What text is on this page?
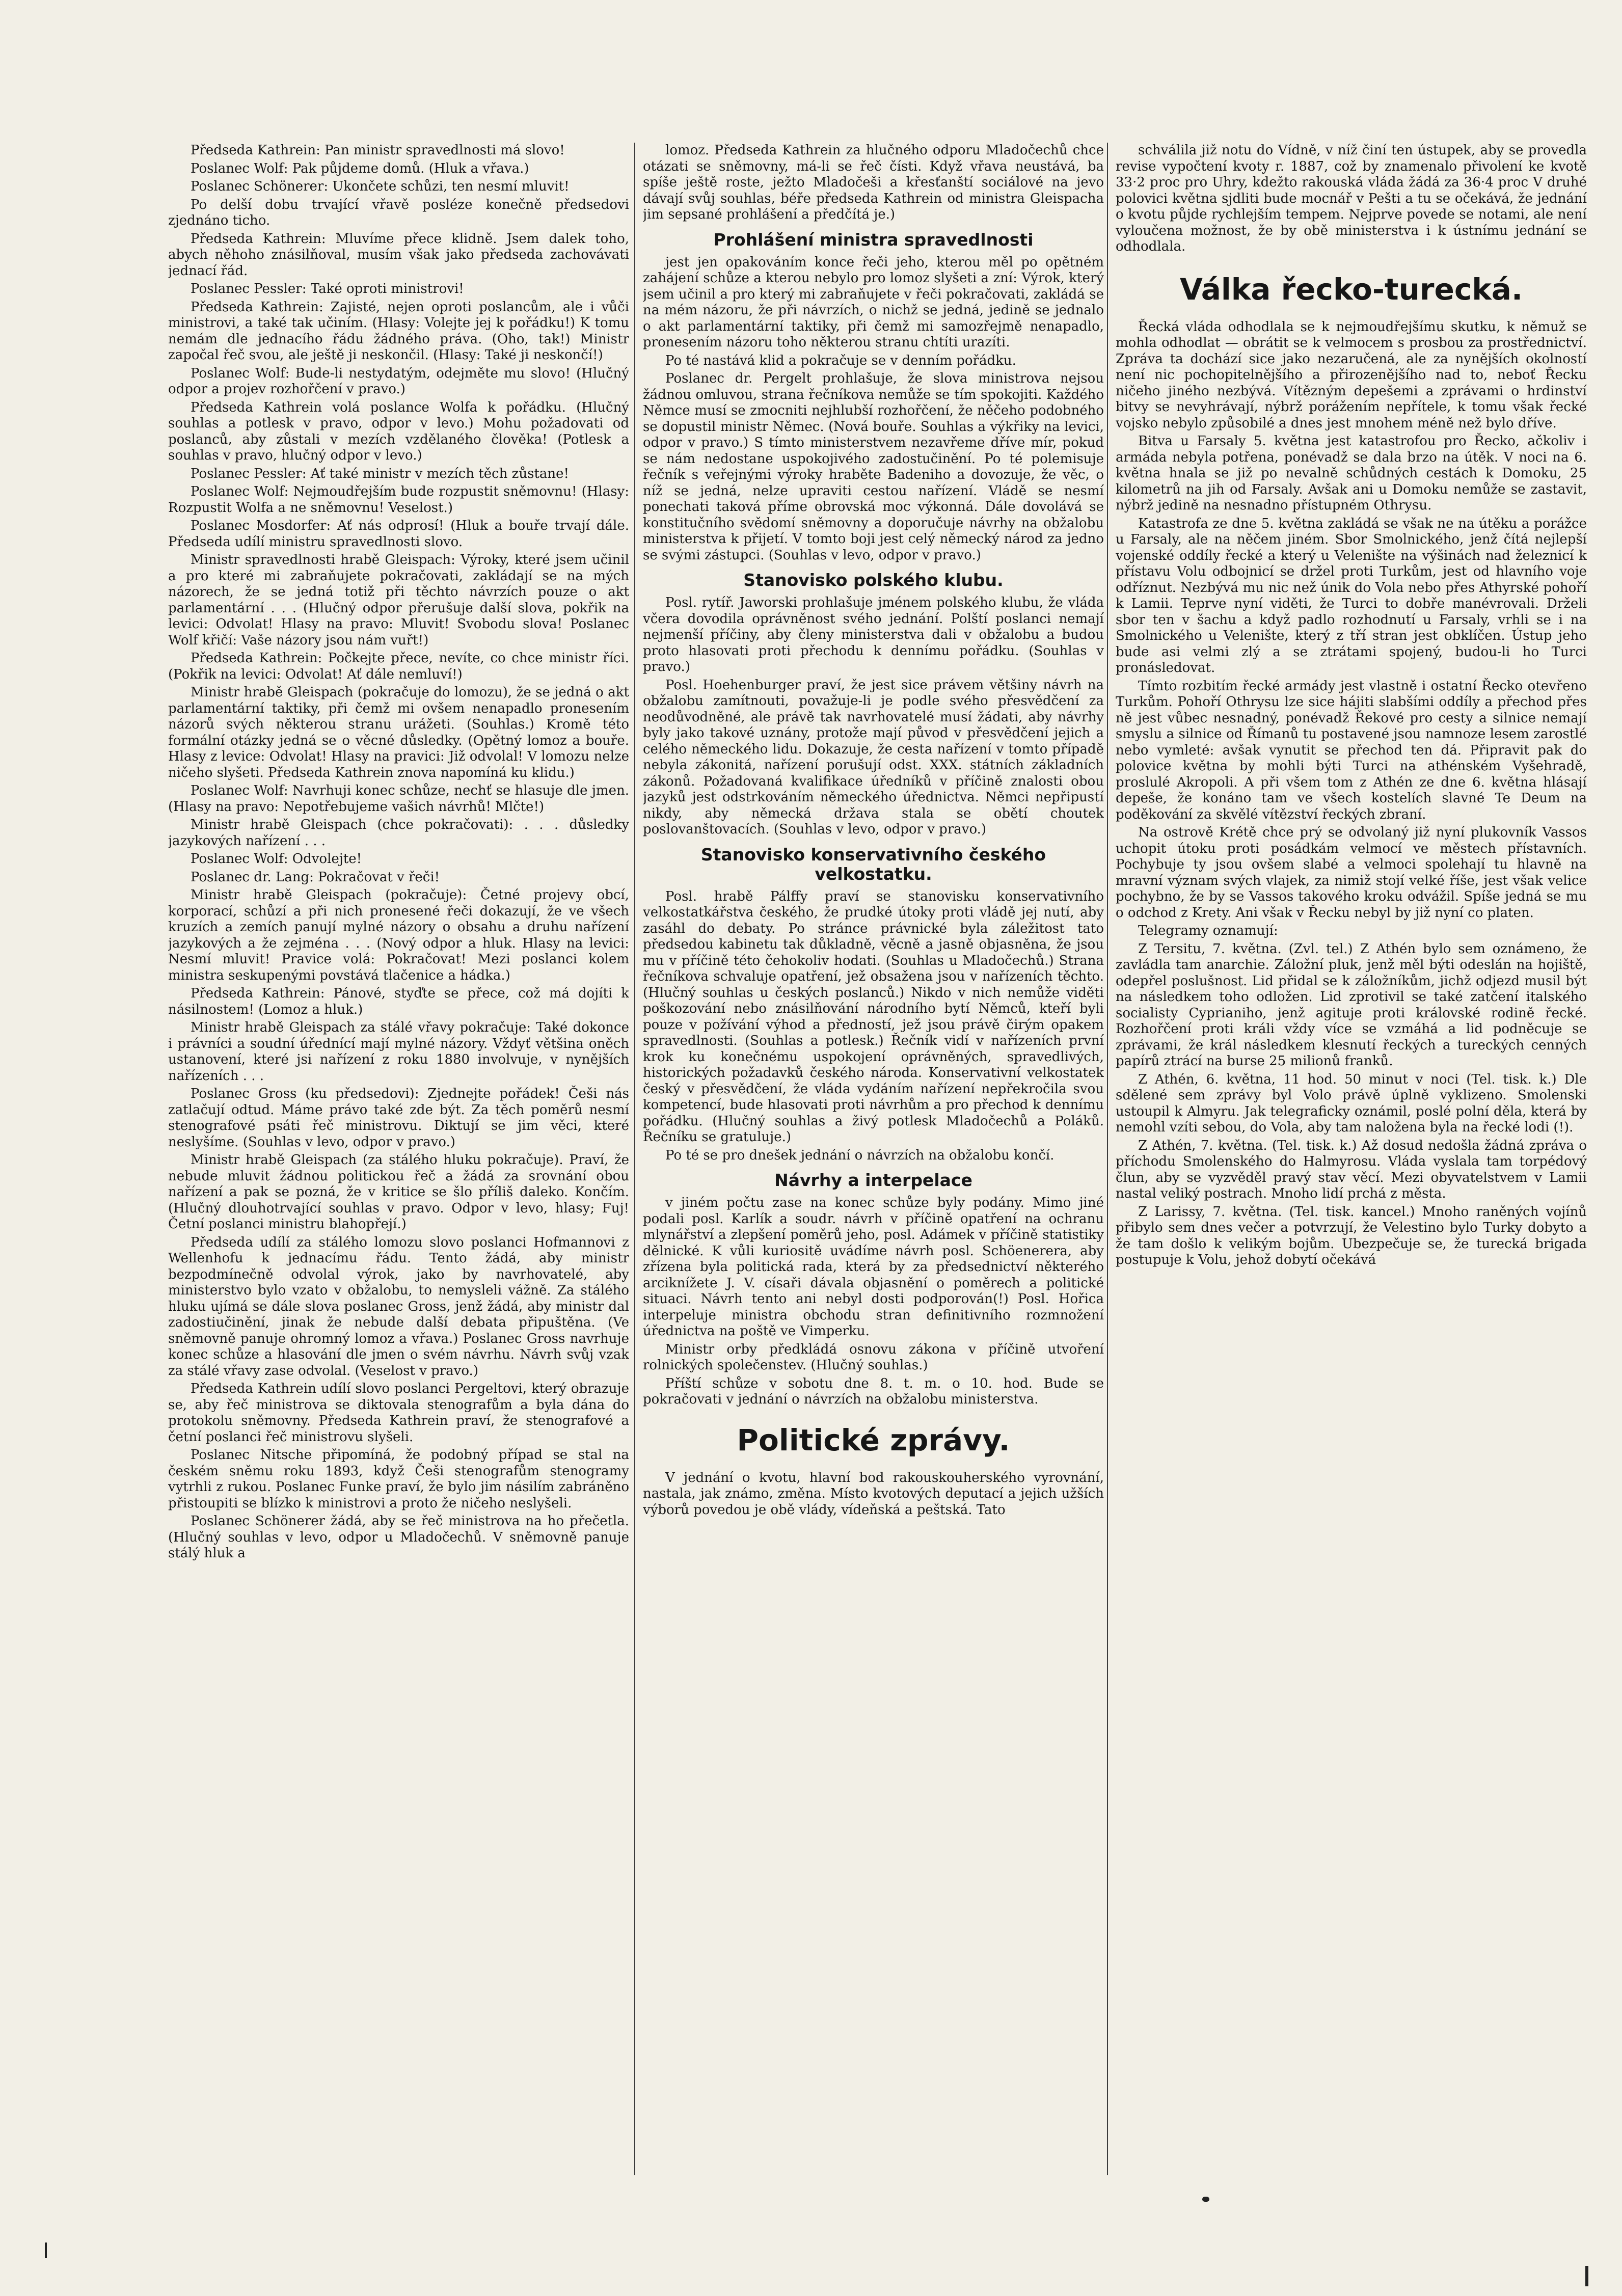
Předseda Kathrein: Pan ministr spravedlnosti má slovo!

Poslanec Wolf: Pak půjdeme domů. (Hluk a vřava.)

Poslanec Schönerer: Ukončete schůzi, ten nesmí mluvit!

Po delší dobu trvající vřavě posléze konečně předsedovi zjednáno ticho.

Předseda Kathrein: Mluvíme přece klidně. Jsem dalek toho, abych něhoho znásilňoval, musím však jako předseda zachovávati jednací řád.

Poslanec Pessler: Také oproti ministrovi!

Předseda Kathrein: Zajisté, nejen oproti poslancům, ale i vůči ministrovi, a také tak učiním. (Hlasy: Volejte jej k pořádku!) K tomu nemám dle jednacího řádu žádného práva. (Oho, tak!) Ministr započal řeč svou, ale ještě ji neskončil. (Hlasy: Také ji neskončí!)

Poslanec Wolf: Bude-li nestydatým, odejměte mu slovo! (Hlučný odpor a projev rozhořčení v pravo.)

Předseda Kathrein volá poslance Wolfa k pořádku. (Hlučný souhlas a potlesk v pravo, odpor v levo.) Mohu požadovati od poslanců, aby zůstali v mezích vzdělaného člověka! (Potlesk a souhlas v pravo, hlučný odpor v levo.)

Poslanec Pessler: Ať také ministr v mezích těch zůstane!

Poslanec Wolf: Nejmoudřejším bude rozpustit sněmovnu! (Hlasy: Rozpustit Wolfa a ne sněmovnu! Veselost.)

Poslanec Mosdorfer: Ať nás odprosí! (Hluk a bouře trvají dále. Předseda udílí ministru spravedlnosti slovo.

Ministr spravedlnosti hrabě Gleispach: Výroky, které jsem učinil a pro které mi zabraňujete pokračovati, zakládají se na mých názorech, že se jedná totiž při těchto návrzích pouze o akt parlamentární . . . (Hlučný odpor přerušuje další slova, pokřik na levici: Odvolat! Hlasy na pravo: Mluvit! Svobodu slova! Poslanec Wolf křičí: Vaše názory jsou nám vuřt!)

Předseda Kathrein: Počkejte přece, nevíte, co chce ministr říci. (Pokřik na levici: Odvolat! Ať dále nemluví!)

Ministr hrabě Gleispach (pokračuje do lomozu), že se jedná o akt parlamentární taktiky, při čemž mi ovšem nenapadlo pronesením názorů svých některou stranu urážeti. (Souhlas.) Kromě této formální otázky jedná se o věcné důsledky. (Opětný lomoz a bouře. Hlasy z levice: Odvolat! Hlasy na pravici: Již odvolal! V lomozu nelze ničeho slyšeti. Předseda Kathrein znova napomíná ku klidu.)

Poslanec Wolf: Navrhuji konec schůze, nechť se hlasuje dle jmen. (Hlasy na pravo: Nepotřebujeme vašich návrhů! Mlčte!)

Ministr hrabě Gleispach (chce pokračovati): . . . důsledky jazykových nařízení . . .

Poslanec Wolf: Odvolejte!

Poslanec dr. Lang: Pokračovat v řeči!

Ministr hrabě Gleispach (pokračuje): Četné projevy obcí, korporací, schůzí a při nich pronesené řeči dokazují, že ve všech kruzích a zemích panují mylné názory o obsahu a druhu nařízení jazykových a že zejména . . . (Nový odpor a hluk. Hlasy na levici: Nesmí mluvit! Pravice volá: Pokračovat! Mezi poslanci kolem ministra seskupenými povstává tlačenice a hádka.)

Předseda Kathrein: Pánové, styďte se přece, což má dojíti k násilnostem! (Lomoz a hluk.)

Ministr hrabě Gleispach za stálé vřavy pokračuje: Také dokonce i právníci a soudní úřednící mají mylné názory. Vždyť většina oněch ustanovení, které jsi nařízení z roku 1880 involvuje, v nynějších nařízeních . . .

Poslanec Gross (ku předsedovi): Zjednejte pořádek! Češi nás zatlačují odtud. Máme právo také zde být. Za těch poměrů nesmí stenografové psáti řeč ministrovu. Diktují se jim věci, které neslyšíme. (Souhlas v levo, odpor v pravo.)

Ministr hrabě Gleispach (za stálého hluku pokračuje). Praví, že nebude mluvit žádnou politickou řeč a žádá za srovnání obou nařízení a pak se pozná, že v kritice se šlo příliš daleko. Končím. (Hlučný dlouhotrvající souhlas v pravo. Odpor v levo, hlasy; Fuj! Četní poslanci ministru blahopřejí.)

Předseda udílí za stálého lomozu slovo poslanci Hofmannovi z Wellenhofu k jednacímu řádu. Tento žádá, aby ministr bezpodmínečně odvolal výrok, jako by navrhovatelé, aby ministerstvo bylo vzato v obžalobu, to nemysleli vážně. Za stálého hluku ujímá se dále slova poslanec Gross, jenž žádá, aby ministr dal zadostiučinění, jinak že nebude další debata připuštěna. (Ve sněmovně panuje ohromný lomoz a vřava.) Poslanec Gross navrhuje konec schůze a hlasování dle jmen o svém návrhu. Návrh svůj vzak za stálé vřavy zase odvolal. (Veselost v pravo.)

Předseda Kathrein udílí slovo poslanci Pergeltovi, který obrazuje se, aby řeč ministrova se diktovala stenografům a byla dána do protokolu sněmovny. Předseda Kathrein praví, že stenografové a četní poslanci řeč ministrovu slyšeli.

Poslanec Nitsche připomíná, že podobný případ se stal na českém sněmu roku 1893, když Češi stenografům stenogramy vytrhli z rukou. Poslanec Funke praví, že bylo jim násilím zabráněno přistoupiti se blízko k ministrovi a proto že ničeho neslyšeli.

Poslanec Schönerer žádá, aby se řeč ministrova na ho přečetla. (Hlučný souhlas v levo, odpor u Mladočechů. V sněmovně panuje stálý hluk a

lomoz. Předseda Kathrein za hlučného odporu Mladočechů chce otázati se sněmovny, má-li se řeč čísti. Když vřava neustává, ba spíše ještě roste, ježto Mladočeši a křesťanští sociálové na jevo dávají svůj souhlas, béře předseda Kathrein od ministra Gleispacha jim sepsané prohlášení a předčítá je.)

Prohlášení ministra spravedlnosti

jest jen opakováním konce řeči jeho, kterou měl po opětném zahájení schůze a kterou nebylo pro lomoz slyšeti a zní: Výrok, který jsem učinil a pro který mi zabraňujete v řeči pokračovati, zakládá se na mém názoru, že při návrzích, o nichž se jedná, jedině se jednalo o akt parlamentární taktiky, při čemž mi samozřejmě nenapadlo, pronesením názoru toho některou stranu chtíti urazíti.

Po té nastává klid a pokračuje se v denním pořádku.

Poslanec dr. Pergelt prohlašuje, že slova ministrova nejsou žádnou omluvou, strana řečníkova nemůže se tím spokojiti. Každého Němce musí se zmocniti nejhlubší rozhořčení, že něčeho podobného se dopustil ministr Němec. (Nová bouře. Souhlas a výkřiky na levici, odpor v pravo.) S tímto ministerstvem nezavřeme dříve mír, pokud se nám nedostane uspokojivého zadostučinění. Po té polemisuje řečník s veřejnými výroky hraběte Badeniho a dovozuje, že věc, o níž se jedná, nelze upraviti cestou nařízení. Vládě se nesmí ponechati taková příme obrovská moc výkonná. Dále dovolává se konstitučního svědomí sněmovny a doporučuje návrhy na obžalobu ministerstva k přijetí. V tomto boji jest celý německý národ za jedno se svými zástupci. (Souhlas v levo, odpor v pravo.)

Stanovisko polského klubu.

Posl. rytíř. Jaworski prohlašuje jménem polského klubu, že vláda včera dovodila oprávněnost svého jednání. Polští poslanci nemají nejmenší příčiny, aby členy ministerstva dali v obžalobu a budou proto hlasovati proti přechodu k dennímu pořádku. (Souhlas v pravo.)

Posl. Hoehenburger praví, že jest sice právem většiny návrh na obžalobu zamítnouti, považuje-li je podle svého přesvědčení za neodůvodněné, ale právě tak navrhovatelé musí žádati, aby návrhy byly jako takové uznány, protože mají původ v přesvědčení jejich a celého německého lidu. Dokazuje, že cesta nařízení v tomto případě nebyla zákonitá, nařízení porušují odst. XXX. státních základních zákonů. Požadovaná kvalifikace úředníků v příčině znalosti obou jazyků jest odstrkováním německého úřednictva. Němci nepřipustí nikdy, aby německá država stala se obětí choutek poslovanštovacích. (Souhlas v levo, odpor v pravo.)

Stanovisko konservativního českého velkostatku.

Posl. hrabě Pálffy praví se stanovisku konservativního velkostatkářstva českého, že prudké útoky proti vládě jej nutí, aby zasáhl do debaty. Po stránce právnické byla záležitost tato předsedou kabinetu tak důkladně, věcně a jasně objasněna, že jsou mu v příčině této čehokoliv hodati. (Souhlas u Mladočechů.) Strana řečníkova schvaluje opatření, jež obsažena jsou v nařízeních těchto. (Hlučný souhlas u českých poslanců.) Nikdo v nich nemůže viděti poškozování nebo znásilňování národního bytí Němců, kteří byli pouze v požívání výhod a předností, jež jsou právě čirým opakem spravedlnosti. (Souhlas a potlesk.) Řečník vidí v nařízeních první krok ku konečnému uspokojení oprávněných, spravedlivých, historických požadavků českého národa. Konservativní velkostatek český v přesvědčení, že vláda vydáním nařízení nepřekročila svou kompetencí, bude hlasovati proti návrhům a pro přechod k dennímu pořádku. (Hlučný souhlas a živý potlesk Mladočechů a Poláků. Řečníku se gratuluje.)

Po té se pro dnešek jednání o návrzích na obžalobu končí.

Návrhy a interpelace

v jiném počtu zase na konec schůze byly podány. Mimo jiné podali posl. Karlík a soudr. návrh v příčině opatření na ochranu mlynářství a zlepšení poměrů jeho, posl. Adámek v příčině statistiky dělnické. K vůli kuriositě uvádíme návrh posl. Schöenerera, aby zřízena byla politická rada, která by za předsednictví některého arciknížete J. V. císaři dávala objasnění o poměrech a politické situaci. Návrh tento ani nebyl dosti podporován(!) Posl. Hořica interpeluje ministra obchodu stran definitivního rozmnožení úřednictva na poště ve Vimperku.

Ministr orby předkládá osnovu zákona v příčině utvoření rolnických společenstev. (Hlučný souhlas.)

Příští schůze v sobotu dne 8. t. m. o 10. hod. Bude se pokračovati v jednání o návrzích na obžalobu ministerstva.

Politické zprávy.

V jednání o kvotu, hlavní bod rakouskouherského vyrovnání, nastala, jak známo, změna. Místo kvotových deputací a jejich užších výborů povedou je obě vlády, vídeňská a peštská. Tato

schválila již notu do Vídně, v níž činí ten ústupek, aby se provedla revise vypočtení kvoty r. 1887, což by znamenalo přivolení ke kvotě 33·2 proc pro Uhry, kdežto rakouská vláda žádá za 36·4 proc V druhé polovici května sjdliti bude mocnář v Pešti a tu se očekává, že jednání o kvotu půjde rychlejším tempem. Nejprve povede se notami, ale není vyloučena možnost, že by obě ministerstva i k ústnímu jednání se odhodlala.

Válka řecko-turecká.

Řecká vláda odhodlala se k nejmoudřejšímu skutku, k němuž se mohla odhodlat — obrátit se k velmocem s prosbou za prostřednictví. Zpráva ta dochází sice jako nezaručená, ale za nynějších okolností není nic pochopitelnějšího a přirozenějšího nad to, neboť Řecku ničeho jiného nezbývá. Vítězným depešemi a zprávami o hrdinství bitvy se nevyhrávají, nýbrž porážením nepřítele, k tomu však řecké vojsko nebylo způsobilé a dnes jest mnohem méně než bylo dříve.

Bitva u Farsaly 5. května jest katastrofou pro Řecko, ačkoliv i armáda nebyla potřena, ponévadž se dala brzo na útěk. V noci na 6. května hnala se již po nevalně schůdných cestách k Domoku, 25 kilometrů na jih od Farsaly. Avšak ani u Domoku nemůže se zastavit, nýbrž jedině na nesnadno přístupném Othrysu.

Katastrofa ze dne 5. května zakládá se však ne na útěku a porážce u Farsaly, ale na něčem jiném. Sbor Smolnického, jenž čítá nejlepší vojenské oddíly řecké a který u Velenište na výšinách nad železnicí k přístavu Volu odbojnicí se držel proti Turkům, jest od hlavního voje odříznut. Nezbývá mu nic než únik do Vola nebo přes Athyrské pohoří k Lamii. Teprve nyní viděti, že Turci to dobře manévrovali. Drželi sbor ten v šachu a když padlo rozhodnutí u Farsaly, vrhli se i na Smolnického u Velenište, který z tří stran jest obklíčen. Ústup jeho bude asi velmi zlý a se ztrátami spojený, budou-li ho Turci pronásledovat.

Tímto rozbitím řecké armády jest vlastně i ostatní Řecko otevřeno Turkům. Pohoří Othrysu lze sice hájiti slabšími oddíly a přechod přes ně jest vůbec nesnadný, ponévadž Řekové pro cesty a silnice nemají smyslu a silnice od Římanů tu postavené jsou namnoze lesem zarostlé nebo vymleté: avšak vynutit se přechod ten dá. Připravit pak do polovice května by mohli býti Turci na athénském Vyšehradě, proslulé Akropoli. A při všem tom z Athén ze dne 6. května hlásají depeše, že konáno tam ve všech kostelích slavné Te Deum na poděkování za skvělé vítězství řeckých zbraní.

Na ostrově Krétě chce prý se odvolaný již nyní plukovník Vassos uchopit útoku proti posádkám velmocí ve městech přístavních. Pochybuje ty jsou ovšem slabé a velmoci spolehají tu hlavně na mravní význam svých vlajek, za nimiž stojí velké říše, jest však velice pochybno, že by se Vassos takového kroku odvážil. Spíše jedná se mu o odchod z Krety. Ani však v Řecku nebyl by již nyní co platen.

Telegramy oznamují:

Z Tersitu, 7. května. (Zvl. tel.) Z Athén bylo sem oznámeno, že zavládla tam anarchie. Záložní pluk, jenž měl býti odeslán na hojiště, odepřel poslušnost. Lid přidal se k záložníkům, jichž odjezd musil být na následkem toho odložen. Lid zprotivil se také zatčení italského socialisty Cyprianiho, jenž agituje proti královské rodině řecké. Rozhořčení proti králi vždy více se vzmáhá a lid podněcuje se zprávami, že král následkem klesnutí řeckých a tureckých cenných papírů ztrácí na burse 25 milionů franků.

Z Athén, 6. května, 11 hod. 50 minut v noci (Tel. tisk. k.) Dle sdělené sem zprávy byl Volo právě úplně vyklizeno. Smolenski ustoupil k Almyru. Jak telegraficky oznámil, poslé polní děla, která by nemohl vzíti sebou, do Vola, aby tam naložena byla na řecké lodi (!).

Z Athén, 7. května. (Tel. tisk. k.) Až dosud nedošla žádná zpráva o příchodu Smolenského do Halmyrosu. Vláda vyslala tam torpédový člun, aby se vyzvěděl pravý stav věcí. Mezi obyvatelstvem v Lamii nastal veliký postrach. Mnoho lidí prchá z města.

Z Larissy, 7. května. (Tel. tisk. kancel.) Mnoho raněných vojínů přibylo sem dnes večer a potvrzují, že Velestino bylo Turky dobyto a že tam došlo k velikým bojům. Ubezpečuje se, že turecká brigada postupuje k Volu, jehož dobytí očekává
